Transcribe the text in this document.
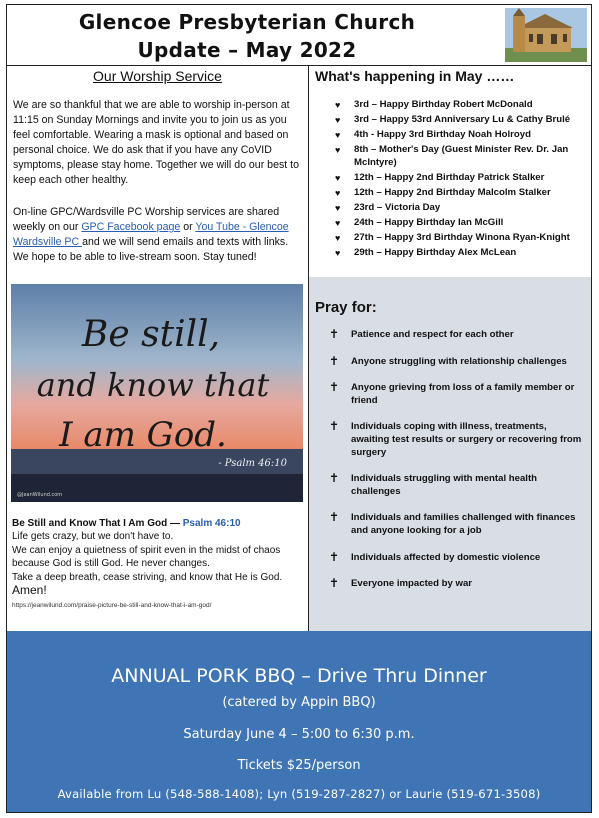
Glencoe Presbyterian Church
Update – May 2022
Our Worship Service
We are so thankful that we are able to worship in-person at 11:15 on Sunday Mornings and invite you to join us as you feel comfortable. Wearing a mask is optional and based on personal choice. We do ask that if you have any CoVID symptoms, please stay home. Together we will do our best to keep each other healthy.
On-line GPC/Wardsville PC Worship services are shared weekly on our GPC Facebook page or You Tube - Glencoe Wardsville PC and we will send emails and texts with links. We hope to be able to live-stream soon. Stay tuned!
Be still,
and know that
I am God.
- Psalm 46:10
@JeanWilund.com
Be Still and Know That I Am God — Psalm 46:10
Life gets crazy, but we don't have to.
We can enjoy a quietness of spirit even in the midst of chaos because God is still God. He never changes.
Take a deep breath, cease striving, and know that He is God.
Amen!
https://jeanwilund.com/praise-picture-be-still-and-know-that-i-am-god/
What's happening in May ……
♥ 3rd – Happy Birthday Robert McDonald
♥ 3rd – Happy 53rd Anniversary Lu & Cathy Brulé
♥ 4th - Happy 3rd Birthday Noah Holroyd
♥ 8th – Mother's Day (Guest Minister Rev. Dr. Jan McIntyre)
♥ 12th – Happy 2nd Birthday Patrick Stalker
♥ 12th – Happy 2nd Birthday Malcolm Stalker
♥ 23rd – Victoria Day
♥ 24th – Happy Birthday Ian McGill
♥ 27th – Happy 3rd Birthday Winona Ryan-Knight
♥ 29th – Happy Birthday Alex McLean
Pray for:
✝ Patience and respect for each other
✝ Anyone struggling with relationship challenges
✝ Anyone grieving from loss of a family member or friend
✝ Individuals coping with illness, treatments, awaiting test results or surgery or recovering from surgery
✝ Individuals struggling with mental health challenges
✝ Individuals and families challenged with finances and anyone looking for a job
✝ Individuals affected by domestic violence
✝ Everyone impacted by war
ANNUAL PORK BBQ – Drive Thru Dinner
(catered by Appin BBQ)
Saturday June 4 – 5:00 to 6:30 p.m.
Tickets $25/person
Available from Lu (548-588-1408); Lyn (519-287-2827) or Laurie (519-671-3508)
